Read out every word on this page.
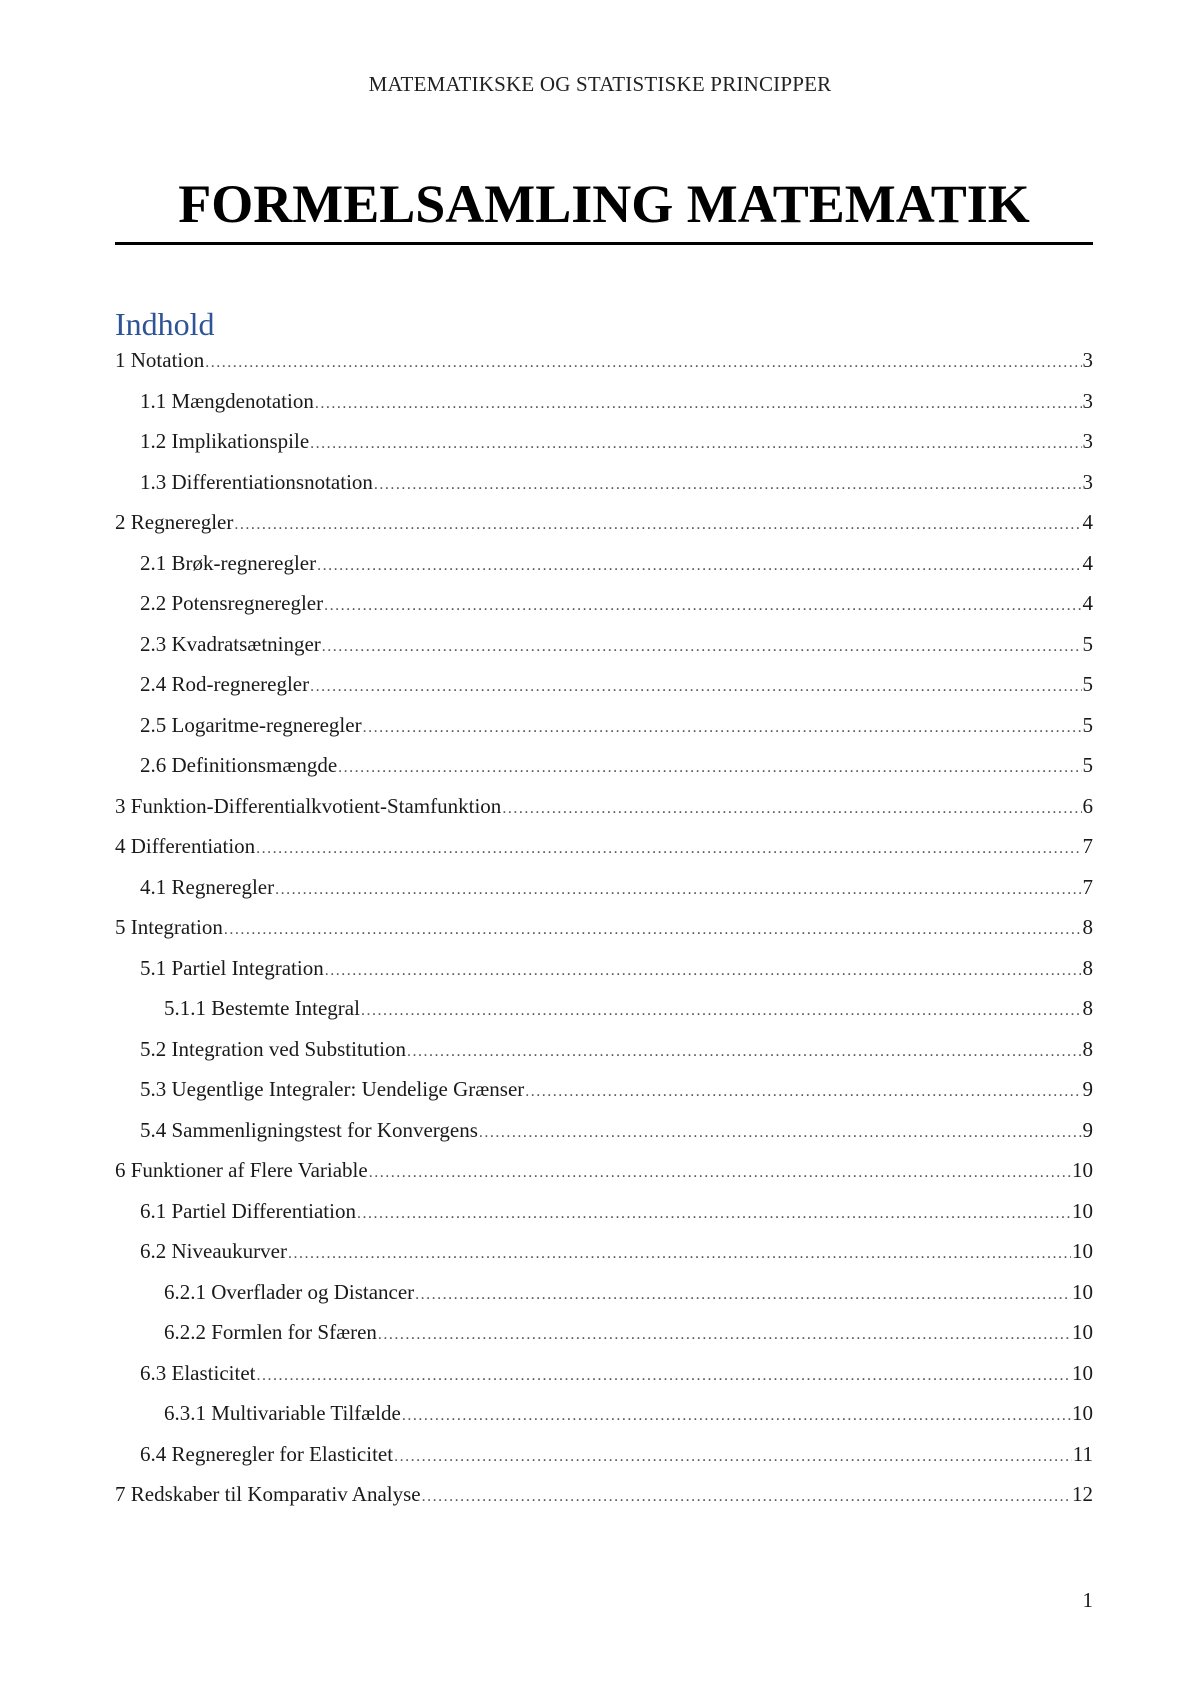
MATEMATIKSKE OG STATISTISKE PRINCIPPER
FORMELSAMLING MATEMATIK
Indhold
1 Notation .....	3
1.1 Mængdenotation .....	3
1.2 Implikationspile .....	3
1.3 Differentiationsnotation .....	3
2 Regneregler .....	4
2.1 Brøk-regneregler .....	4
2.2 Potensregneregler .....	4
2.3 Kvadratsætninger .....	5
2.4 Rod-regneregler .....	5
2.5 Logaritme-regneregler .....	5
2.6 Definitionsmængde .....	5
3 Funktion-Differentialkvotient-Stamfunktion .....	6
4 Differentiation .....	7
4.1 Regneregler .....	7
5 Integration .....	8
5.1 Partiel Integration .....	8
5.1.1 Bestemte Integral .....	8
5.2 Integration ved Substitution .....	8
5.3 Uegentlige Integraler: Uendelige Grænser .....	9
5.4 Sammenligningstest for Konvergens .....	9
6 Funktioner af Flere Variable .....	10
6.1 Partiel Differentiation .....	10
6.2 Niveaukurver .....	10
6.2.1 Overflader og Distancer .....	10
6.2.2 Formlen for Sfæren .....	10
6.3 Elasticitet .....	10
6.3.1 Multivariable Tilfælde .....	10
6.4 Regneregler for Elasticitet .....	11
7 Redskaber til Komparativ Analyse .....	12
1
